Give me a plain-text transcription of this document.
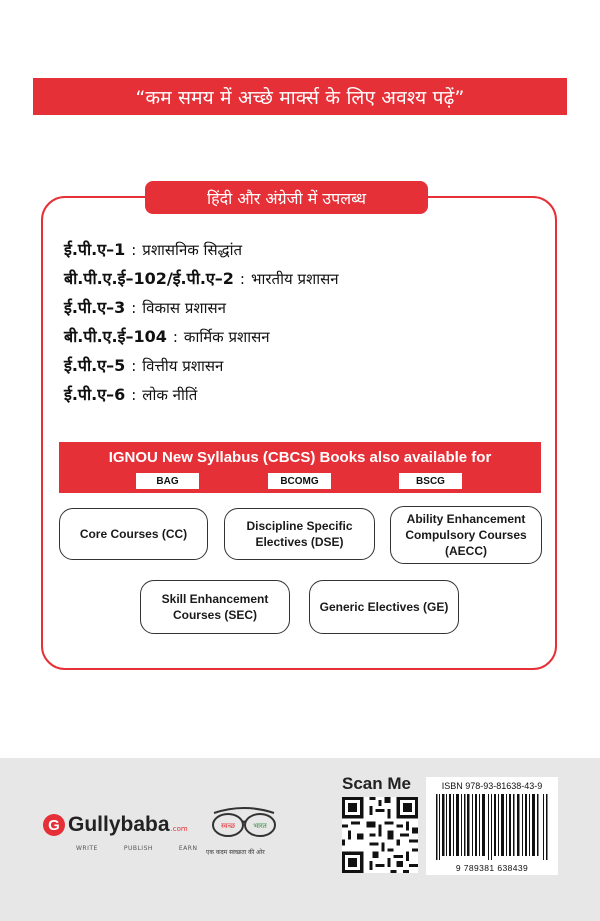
“कम समय में अच्छे मार्क्स के लिए अवश्य पढ़ें”
हिंदी और अंग्रेजी में उपलब्ध
ई.पी.ए–1 : प्रशासनिक सिद्धांत
बी.पी.ए.ई–102/ई.पी.ए–2 : भारतीय प्रशासन
ई.पी.ए–3 : विकास प्रशासन
बी.पी.ए.ई–104 : कार्मिक प्रशासन
ई.पी.ए–5 : वित्तीय प्रशासन
ई.पी.ए–6 : लोक नीतिं
IGNOU New Syllabus (CBCS) Books also available for
BAG	BCOMG	BSCG
Core Courses (CC)
Discipline Specific Electives (DSE)
Ability Enhancement Compulsory Courses (AECC)
Skill Enhancement Courses (SEC)
Generic Electives (GE)
G Gullybaba .com
WRITE	PUBLISH	EARN
स्वच्छ	भारत
एक कदम स्वच्छता की ओर
Scan Me	ISBN 978-93-81638-43-9
9 789381 638439
